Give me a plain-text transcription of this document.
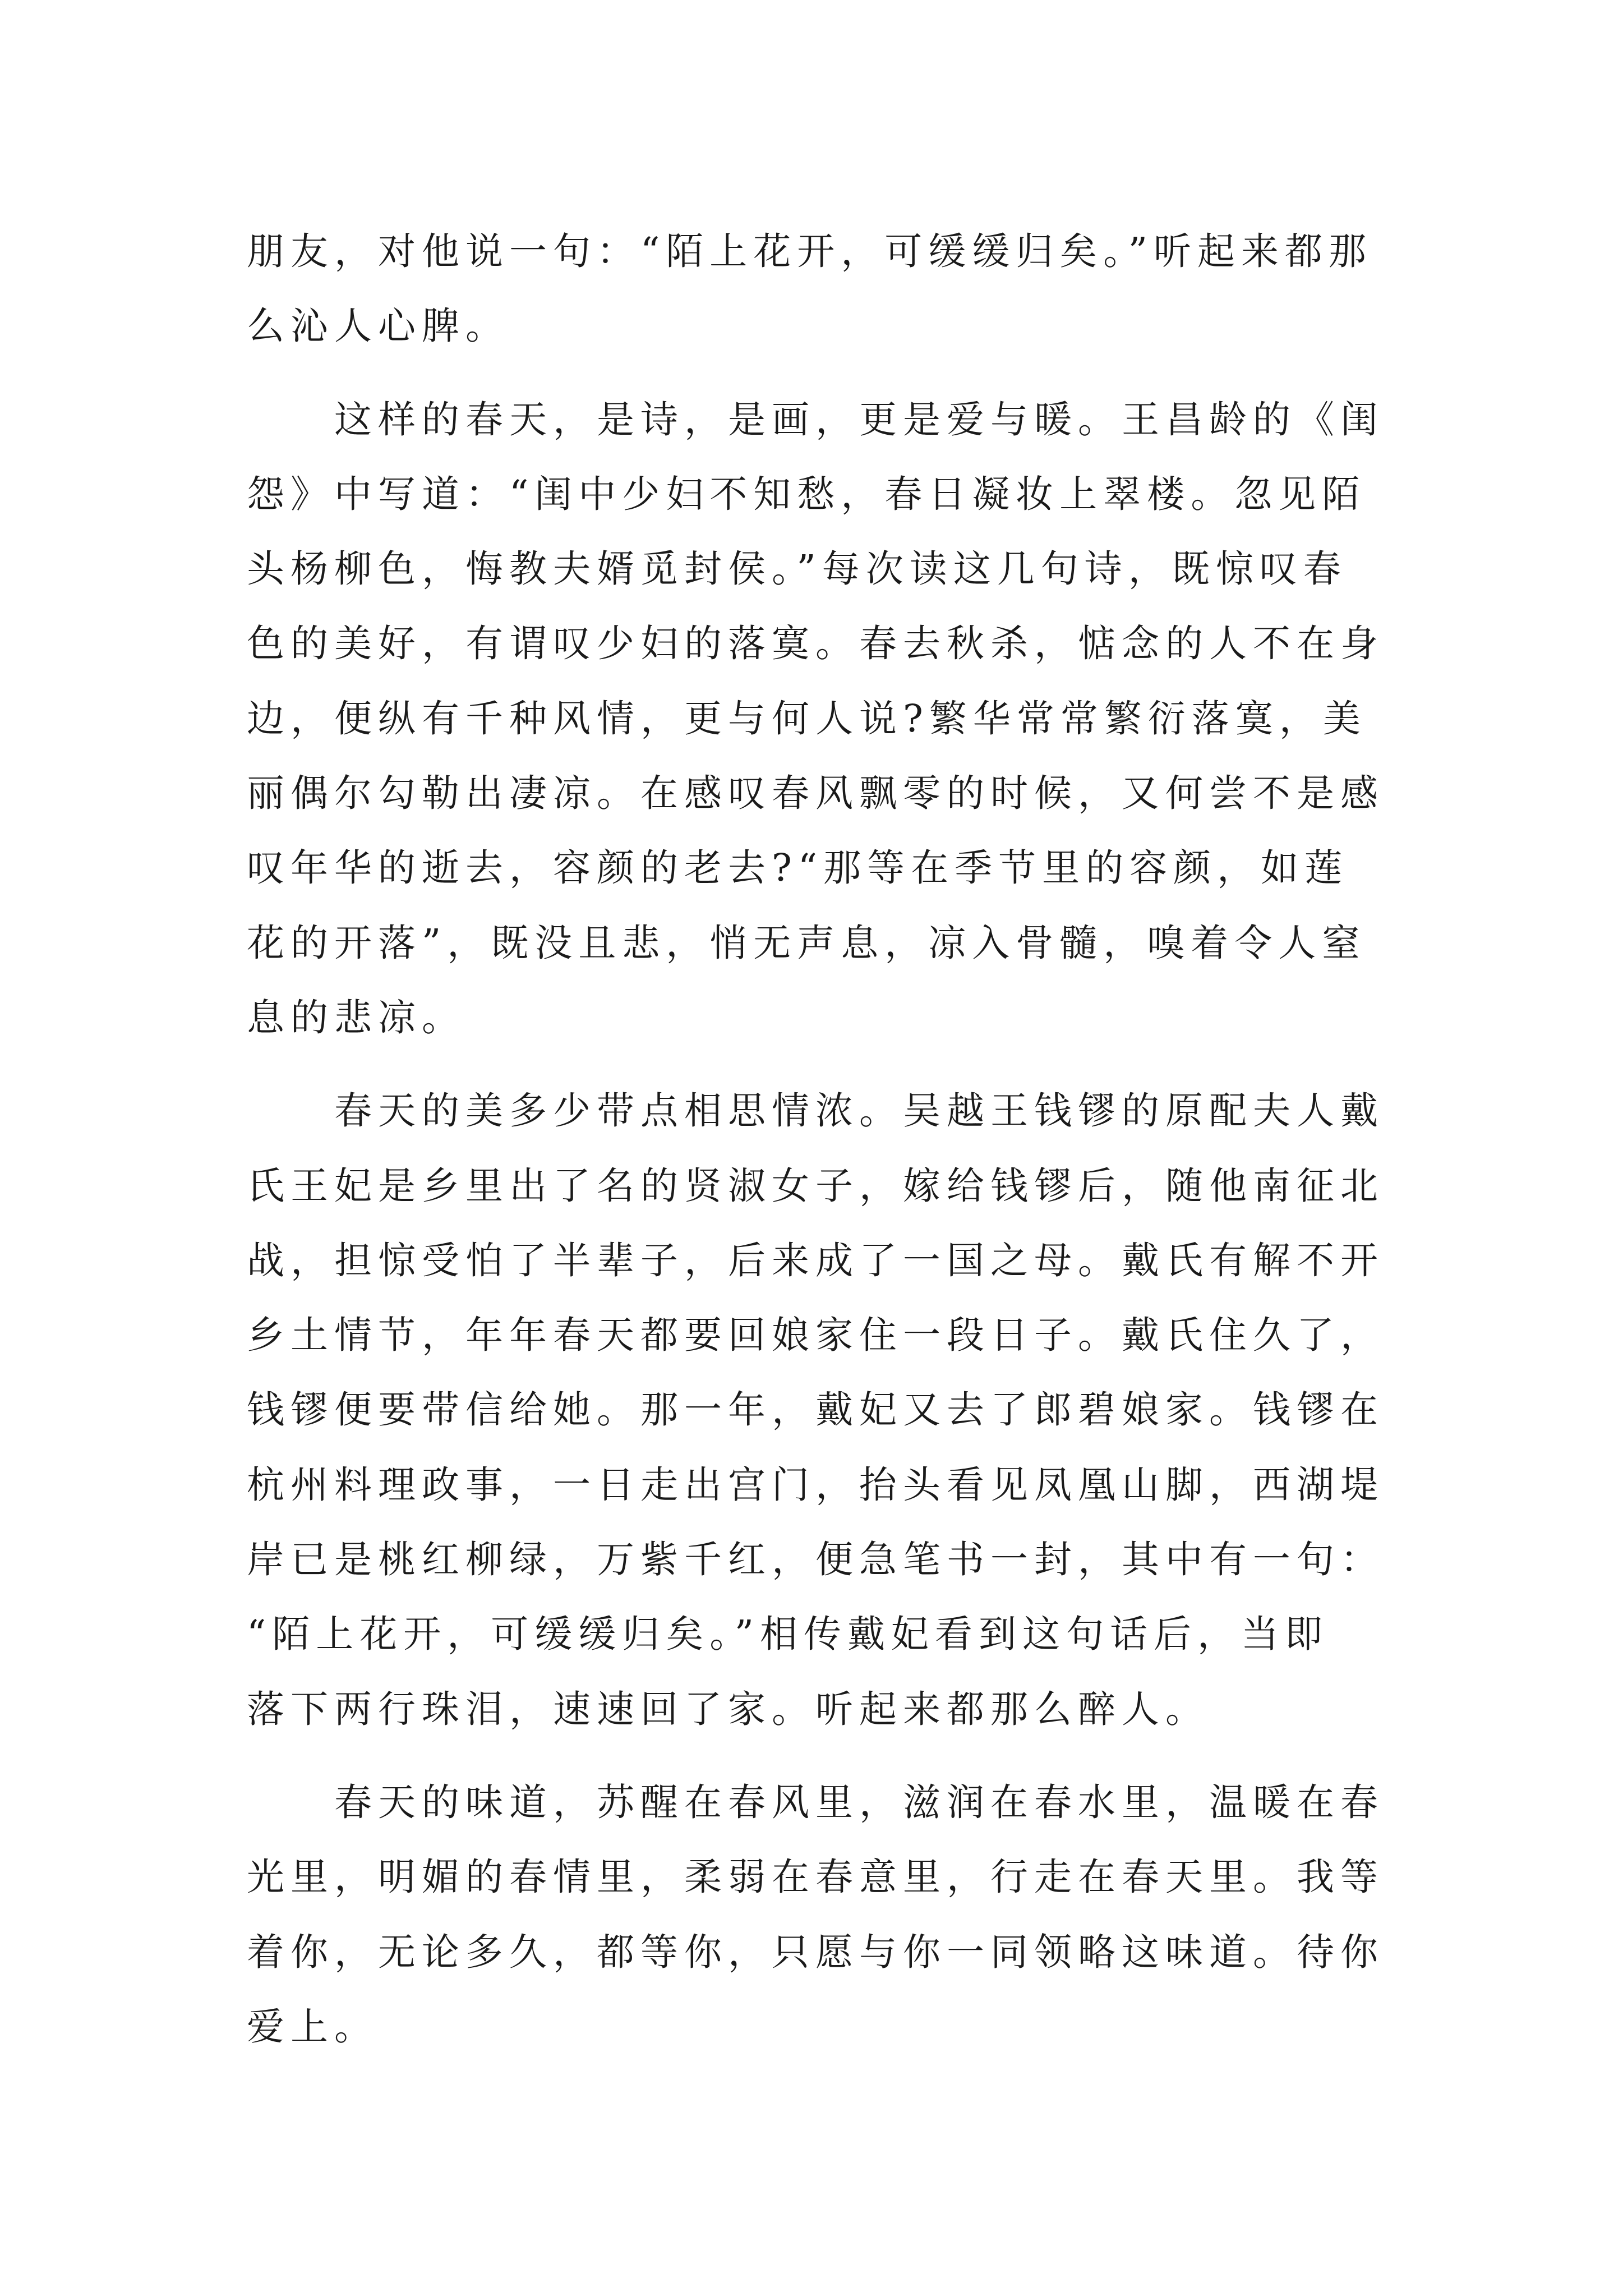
朋友，对他说一句：“陌上花开，可缓缓归矣。”听起来都那
么沁人心脾。

这样的春天，是诗，是画，更是爱与暖。王昌龄的《闺
怨》中写道：“闺中少妇不知愁，春日凝妆上翠楼。忽见陌
头杨柳色，悔教夫婿觅封侯。”每次读这几句诗，既惊叹春
色的美好，有谓叹少妇的落寞。春去秋杀，惦念的人不在身
边，便纵有千种风情，更与何人说?繁华常常繁衍落寞，美
丽偶尔勾勒出凄凉。在感叹春风飘零的时候，又何尝不是感
叹年华的逝去，容颜的老去?“那等在季节里的容颜，如莲
花的开落”，既没且悲，悄无声息，凉入骨髓，嗅着令人窒
息的悲凉。

春天的美多少带点相思情浓。吴越王钱镠的原配夫人戴
氏王妃是乡里出了名的贤淑女子，嫁给钱镠后，随他南征北
战，担惊受怕了半辈子，后来成了一国之母。戴氏有解不开
乡土情节，年年春天都要回娘家住一段日子。戴氏住久了，
钱镠便要带信给她。那一年，戴妃又去了郎碧娘家。钱镠在
杭州料理政事，一日走出宫门，抬头看见凤凰山脚，西湖堤
岸已是桃红柳绿，万紫千红，便急笔书一封，其中有一句：
“陌上花开，可缓缓归矣。”相传戴妃看到这句话后，当即
落下两行珠泪，速速回了家。听起来都那么醉人。

春天的味道，苏醒在春风里，滋润在春水里，温暖在春
光里，明媚的春情里，柔弱在春意里，行走在春天里。我等
着你，无论多久，都等你，只愿与你一同领略这味道。待你
爱上。
